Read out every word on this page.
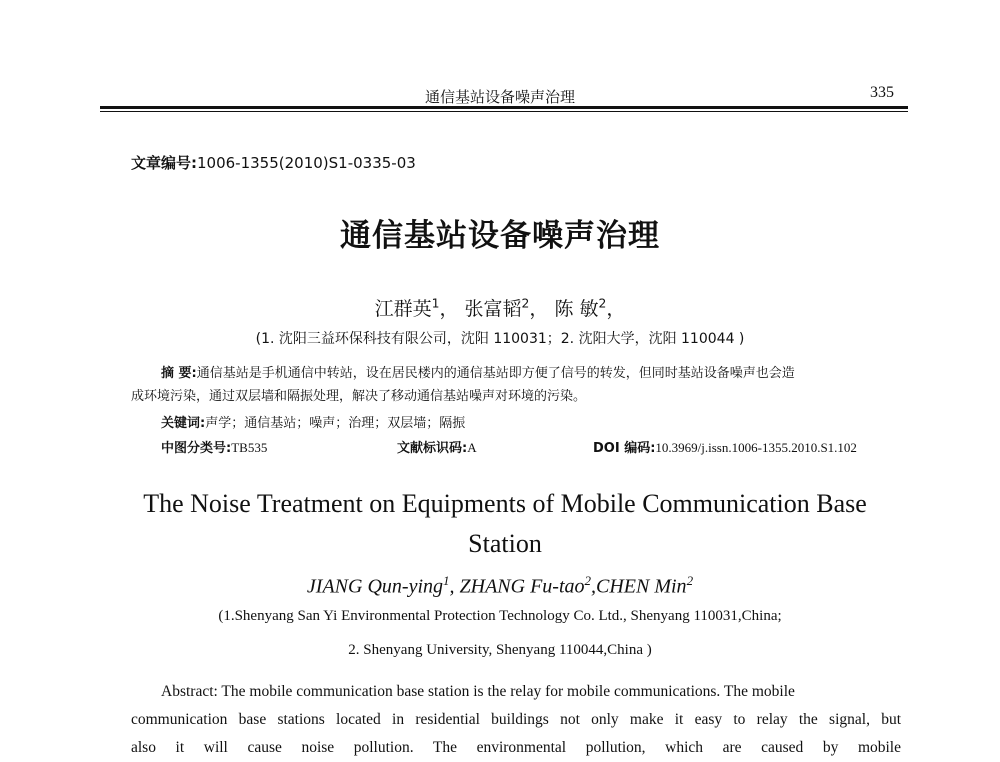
通信基站设备噪声治理	335
文章编号:1006-1355(2010)S1-0335-03
通信基站设备噪声治理
江群英$^1$， 张富韬$^2$， 陈 敏$^2$，
(1. 沈阳三益环保科技有限公司，沈阳 110031；2. 沈阳大学，沈阳 110044 )
摘 要:通信基站是手机通信中转站，设在居民楼内的通信基站即方便了信号的转发，但同时基站设备噪声也会造
成环境污染，通过双层墙和隔振处理，解决了移动通信基站噪声对环境的污染。
关键词:声学；通信基站；噪声；治理；双层墙；隔振
中图分类号:TB535	文献标识码:A	DOI 编码:10.3969/j.issn.1006-1355.2010.S1.102
The Noise Treatment on Equipments of Mobile Communication Base Station
JIANG Qun-ying$^1$, ZHANG Fu-tao$^2$,CHEN Min$^2$
(1.Shenyang San Yi Environmental Protection Technology Co. Ltd., Shenyang 110031,China;
2. Shenyang University, Shenyang 110044,China )
Abstract: The mobile communication base station is the relay for mobile communications. The mobile
communication base stations located in residential buildings not only make it easy to relay the signal, but
also it will cause noise pollution. The environmental pollution, which are caused by mobile
